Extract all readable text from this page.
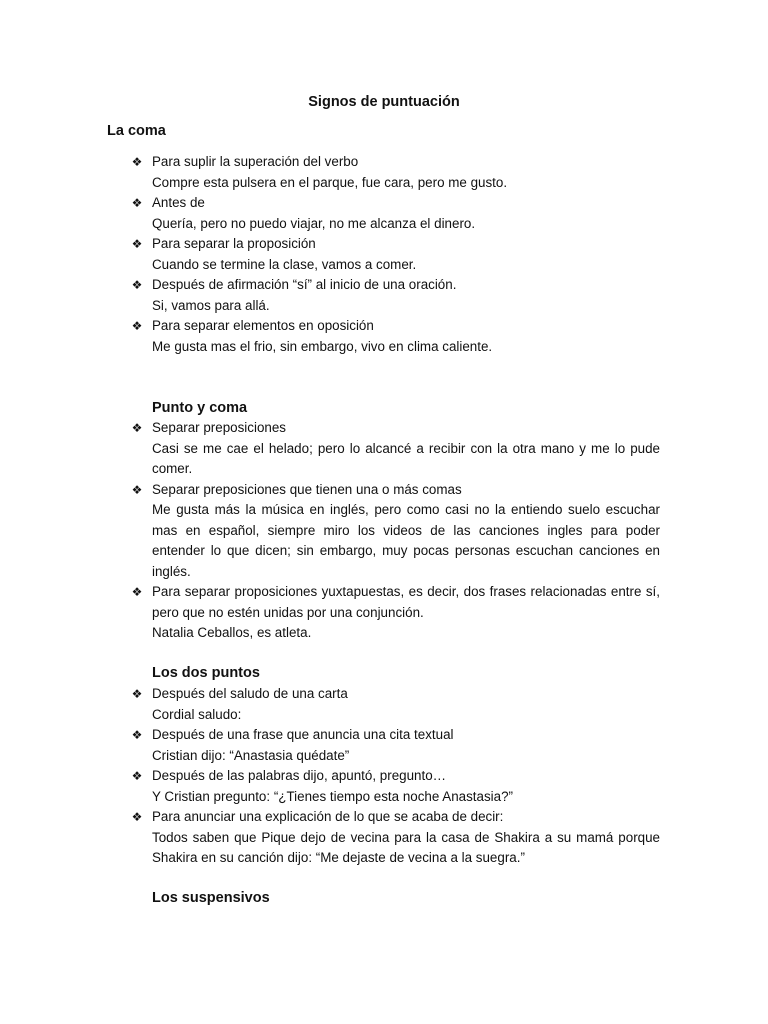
Signos de puntuación
La coma
❖ Para suplir la superación del verbo
Compre esta pulsera en el parque, fue cara, pero me gusto.
❖ Antes de
Quería, pero no puedo viajar, no me alcanza el dinero.
❖ Para separar la proposición
Cuando se termine la clase, vamos a comer.
❖ Después de afirmación “sí” al inicio de una oración.
Si, vamos para allá.
❖ Para separar elementos en oposición
Me gusta mas el frio, sin embargo, vivo en clima caliente.
Punto y coma
❖ Separar preposiciones
Casi se me cae el helado; pero lo alcancé a recibir con la otra mano y me lo pude comer.
❖ Separar preposiciones que tienen una o más comas
Me gusta más la música en inglés, pero como casi no la entiendo suelo escuchar mas en español, siempre miro los videos de las canciones ingles para poder entender lo que dicen; sin embargo, muy pocas personas escuchan canciones en inglés.
❖ Para separar proposiciones yuxtapuestas, es decir, dos frases relacionadas entre sí, pero que no estén unidas por una conjunción.
Natalia Ceballos, es atleta.
Los dos puntos
❖ Después del saludo de una carta
Cordial saludo:
❖ Después de una frase que anuncia una cita textual
Cristian dijo: “Anastasia quédate”
❖ Después de las palabras dijo, apuntó, pregunto…
Y Cristian pregunto: “¿Tienes tiempo esta noche Anastasia?”
❖ Para anunciar una explicación de lo que se acaba de decir:
Todos saben que Pique dejo de vecina para la casa de Shakira a su mamá porque Shakira en su canción dijo: “Me dejaste de vecina a la suegra.”
Los suspensivos
